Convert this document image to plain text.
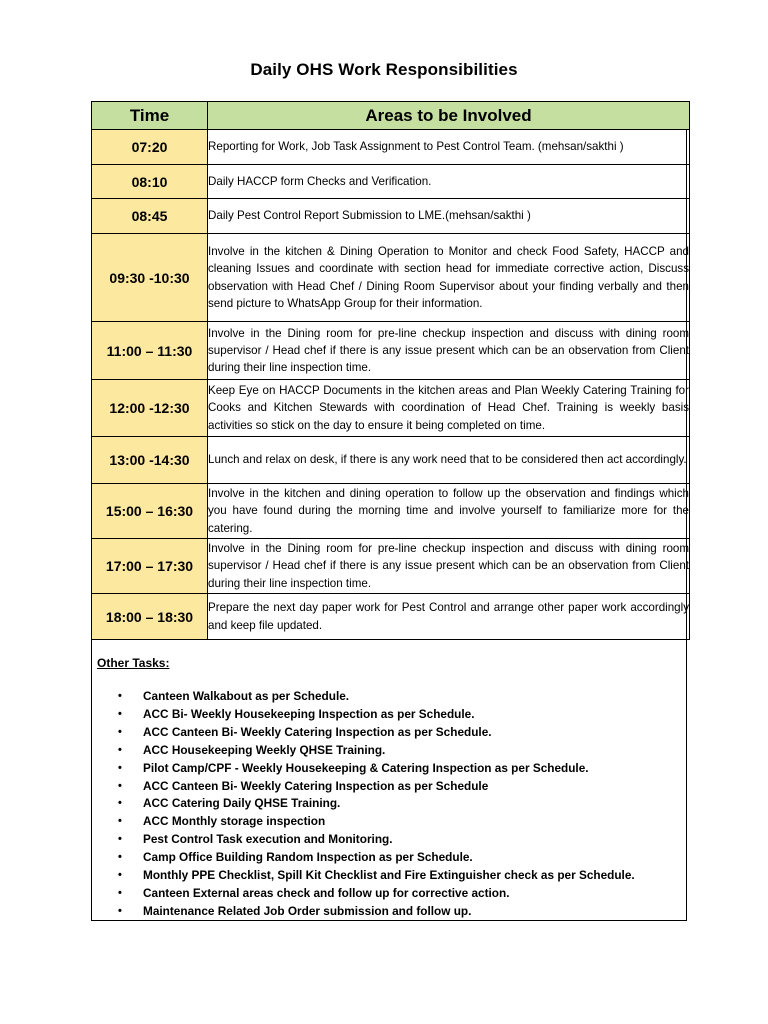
Daily OHS Work Responsibilities
Time	Areas to be Involved
07:20	Reporting for Work, Job Task Assignment to Pest Control Team. (mehsan/sakthi )
08:10	Daily HACCP form Checks and Verification.
08:45	Daily Pest Control Report Submission to LME.(mehsan/sakthi )
09:30 -10:30	Involve in the kitchen & Dining Operation to Monitor and check Food Safety, HACCP and cleaning Issues and coordinate with section head for immediate corrective action, Discuss observation with Head Chef / Dining Room Supervisor about your finding verbally and then send picture to WhatsApp Group for their information.
11:00 – 11:30	Involve in the Dining room for pre-line checkup inspection and discuss with dining room supervisor / Head chef if there is any issue present which can be an observation from Client during their line inspection time.
12:00 -12:30	Keep Eye on HACCP Documents in the kitchen areas and Plan Weekly Catering Training for Cooks and Kitchen Stewards with coordination of Head Chef. Training is weekly basis activities so stick on the day to ensure it being completed on time.
13:00 -14:30	Lunch and relax on desk, if there is any work need that to be considered then act accordingly.
15:00 – 16:30	Involve in the kitchen and dining operation to follow up the observation and findings which you have found during the morning time and involve yourself to familiarize more for the catering.
17:00 – 17:30	Involve in the Dining room for pre-line checkup inspection and discuss with dining room supervisor / Head chef if there is any issue present which can be an observation from Client during their line inspection time.
18:00 – 18:30	Prepare the next day paper work for Pest Control and arrange other paper work accordingly and keep file updated.
Other Tasks:
• Canteen Walkabout as per Schedule.
• ACC Bi- Weekly Housekeeping Inspection as per Schedule.
• ACC Canteen Bi- Weekly Catering Inspection as per Schedule.
• ACC Housekeeping Weekly QHSE Training.
• Pilot Camp/CPF - Weekly Housekeeping & Catering Inspection as per Schedule.
• ACC Canteen Bi- Weekly Catering Inspection as per Schedule
• ACC Catering Daily QHSE Training.
• ACC Monthly storage inspection
• Pest Control Task execution and Monitoring.
• Camp Office Building Random Inspection as per Schedule.
• Monthly PPE Checklist, Spill Kit Checklist and Fire Extinguisher check as per Schedule.
• Canteen External areas check and follow up for corrective action.
• Maintenance Related Job Order submission and follow up.
